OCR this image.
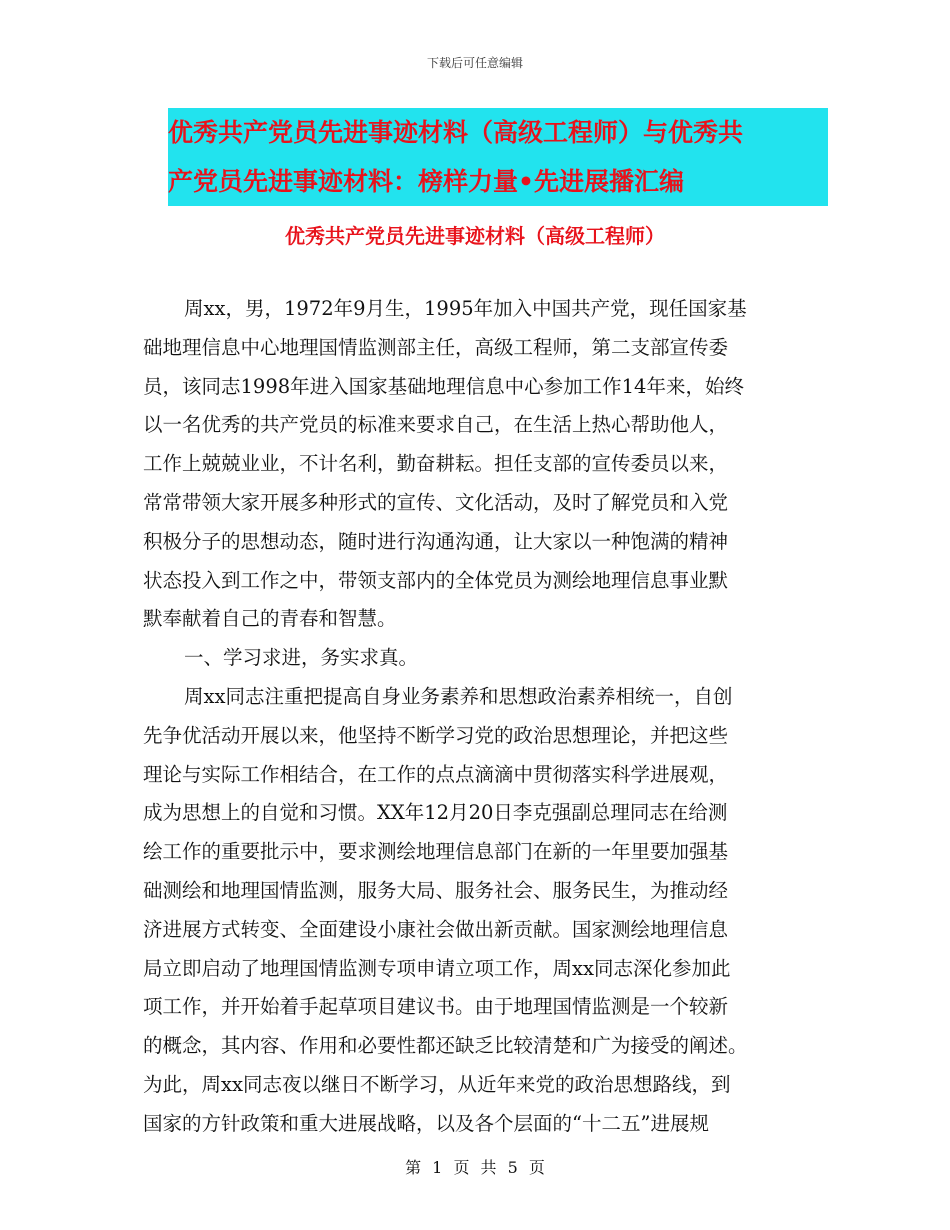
下载后可任意编辑
优秀共产党员先进事迹材料（高级工程师）与优秀共
产党员先进事迹材料：榜样力量•先进展播汇编
优秀共产党员先进事迹材料（高级工程师）
周xx，男，1972年9月生，1995年加入中国共产党，现任国家基
础地理信息中心地理国情监测部主任，高级工程师，第二支部宣传委
员，该同志1998年进入国家基础地理信息中心参加工作14年来，始终
以一名优秀的共产党员的标准来要求自己，在生活上热心帮助他人，
工作上兢兢业业，不计名利，勤奋耕耘。担任支部的宣传委员以来，
常常带领大家开展多种形式的宣传、文化活动，及时了解党员和入党
积极分子的思想动态，随时进行沟通沟通，让大家以一种饱满的精神
状态投入到工作之中，带领支部内的全体党员为测绘地理信息事业默
默奉献着自己的青春和智慧。
一、学习求进，务实求真。
周xx同志注重把提高自身业务素养和思想政治素养相统一，自创
先争优活动开展以来，他坚持不断学习党的政治思想理论，并把这些
理论与实际工作相结合，在工作的点点滴滴中贯彻落实科学进展观，
成为思想上的自觉和习惯。XX年12月20日李克强副总理同志在给测
绘工作的重要批示中，要求测绘地理信息部门在新的一年里要加强基
础测绘和地理国情监测，服务大局、服务社会、服务民生，为推动经
济进展方式转变、全面建设小康社会做出新贡献。国家测绘地理信息
局立即启动了地理国情监测专项申请立项工作，周xx同志深化参加此
项工作，并开始着手起草项目建议书。由于地理国情监测是一个较新
的概念，其内容、作用和必要性都还缺乏比较清楚和广为接受的阐述。
为此，周xx同志夜以继日不断学习，从近年来党的政治思想路线，到
国家的方针政策和重大进展战略，以及各个层面的“十二五”进展规
第 1 页 共 5 页
